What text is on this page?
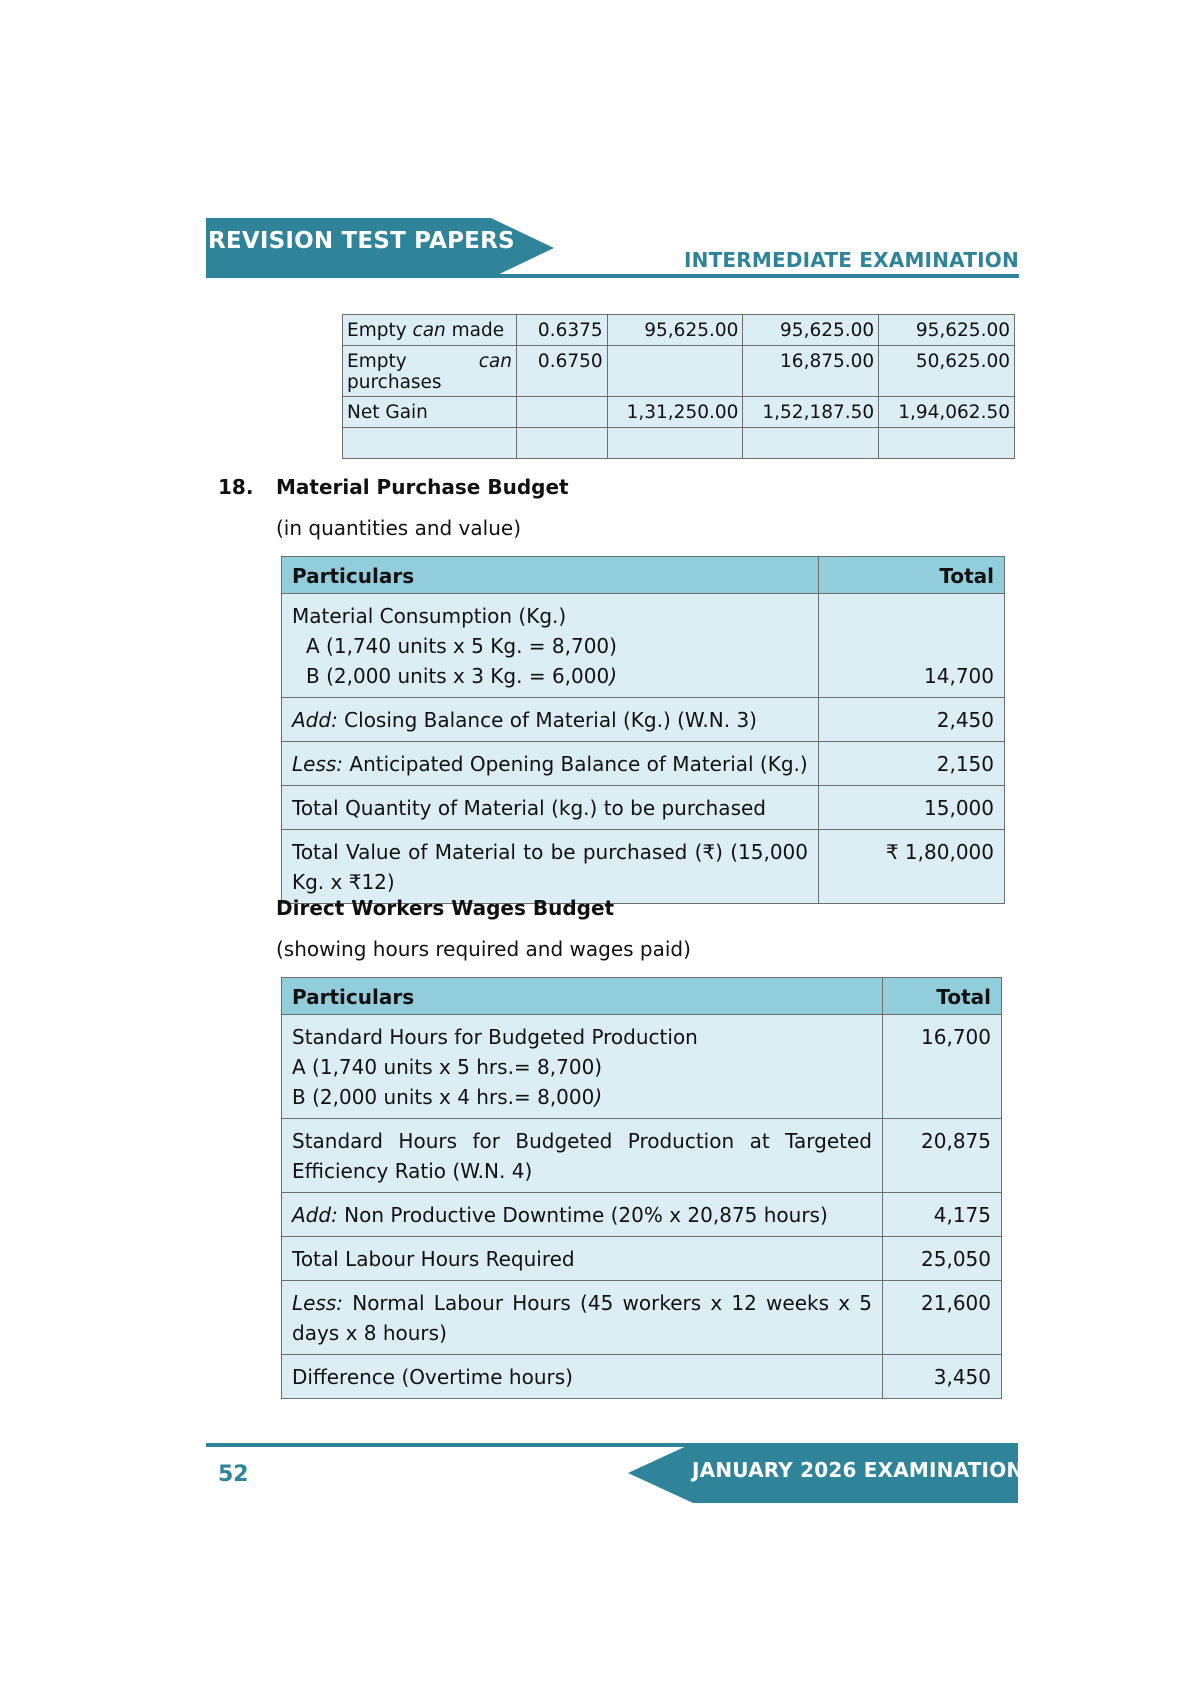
REVISION TEST PAPERS
INTERMEDIATE EXAMINATION
Empty can made	0.6375	95,625.00	95,625.00	95,625.00

Empty can
purchases	0.6750		16,875.00	50,625.00
Net Gain		1,31,250.00	1,52,187.50	1,94,062.50

18. Material Purchase Budget
(in quantities and value)
Particulars	Total

Material Consumption (Kg.)
A (1,740 units x 5 Kg. = 8,700)
B (2,000 units x 3 Kg. = 6,000)	14,700
Add: Closing Balance of Material (Kg.) (W.N. 3)	2,450
Less: Anticipated Opening Balance of Material (Kg.)	2,150
Total Quantity of Material (kg.) to be purchased	15,000
Total Value of Material to be purchased (₹) (15,000 Kg. x ₹12)	₹ 1,80,000
Direct Workers Wages Budget
(showing hours required and wages paid)
Particulars	Total

Standard Hours for Budgeted Production
A (1,740 units x 5 hrs.= 8,700)
B (2,000 units x 4 hrs.= 8,000)	16,700
Standard Hours for Budgeted Production at Targeted Efficiency Ratio (W.N. 4)	20,875
Add: Non Productive Downtime (20% x 20,875 hours)	4,175
Total Labour Hours Required	25,050
Less: Normal Labour Hours (45 workers x 12 weeks x 5 days x 8 hours)	21,600
Difference (Overtime hours)	3,450
JANUARY 2026 EXAMINATION
52
